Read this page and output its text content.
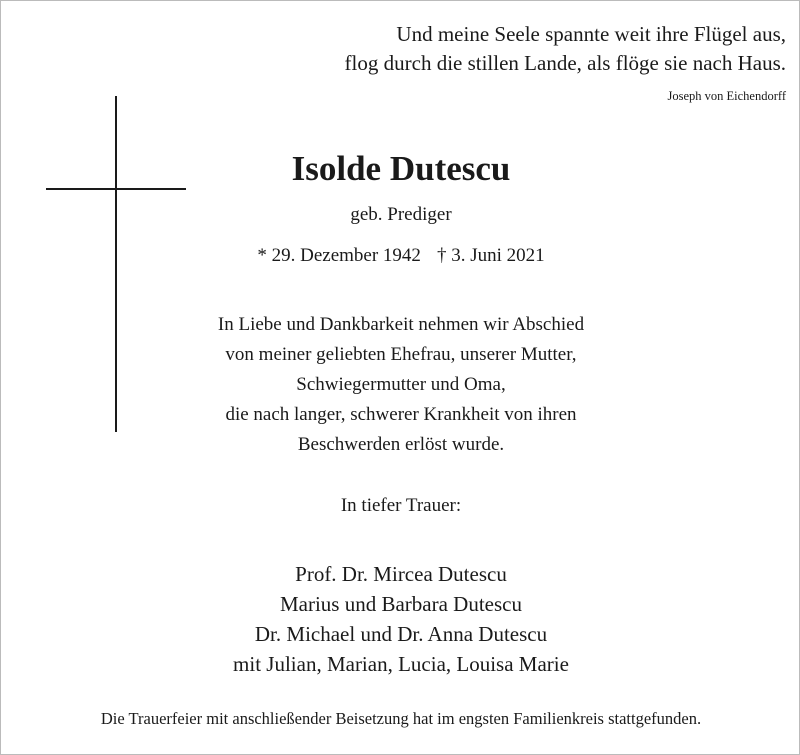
Und meine Seele spannte weit ihre Flügel aus,
flog durch die stillen Lande, als flöge sie nach Haus.
Joseph von Eichendorff
Isolde Dutescu
geb. Prediger
* 29. Dezember 1942 † 3. Juni 2021
In Liebe und Dankbarkeit nehmen wir Abschied
von meiner geliebten Ehefrau, unserer Mutter,
Schwiegermutter und Oma,
die nach langer, schwerer Krankheit von ihren
Beschwerden erlöst wurde.
In tiefer Trauer:
Prof. Dr. Mircea Dutescu
Marius und Barbara Dutescu
Dr. Michael und Dr. Anna Dutescu
mit Julian, Marian, Lucia, Louisa Marie
Die Trauerfeier mit anschließender Beisetzung hat im engsten Familienkreis stattgefunden.
